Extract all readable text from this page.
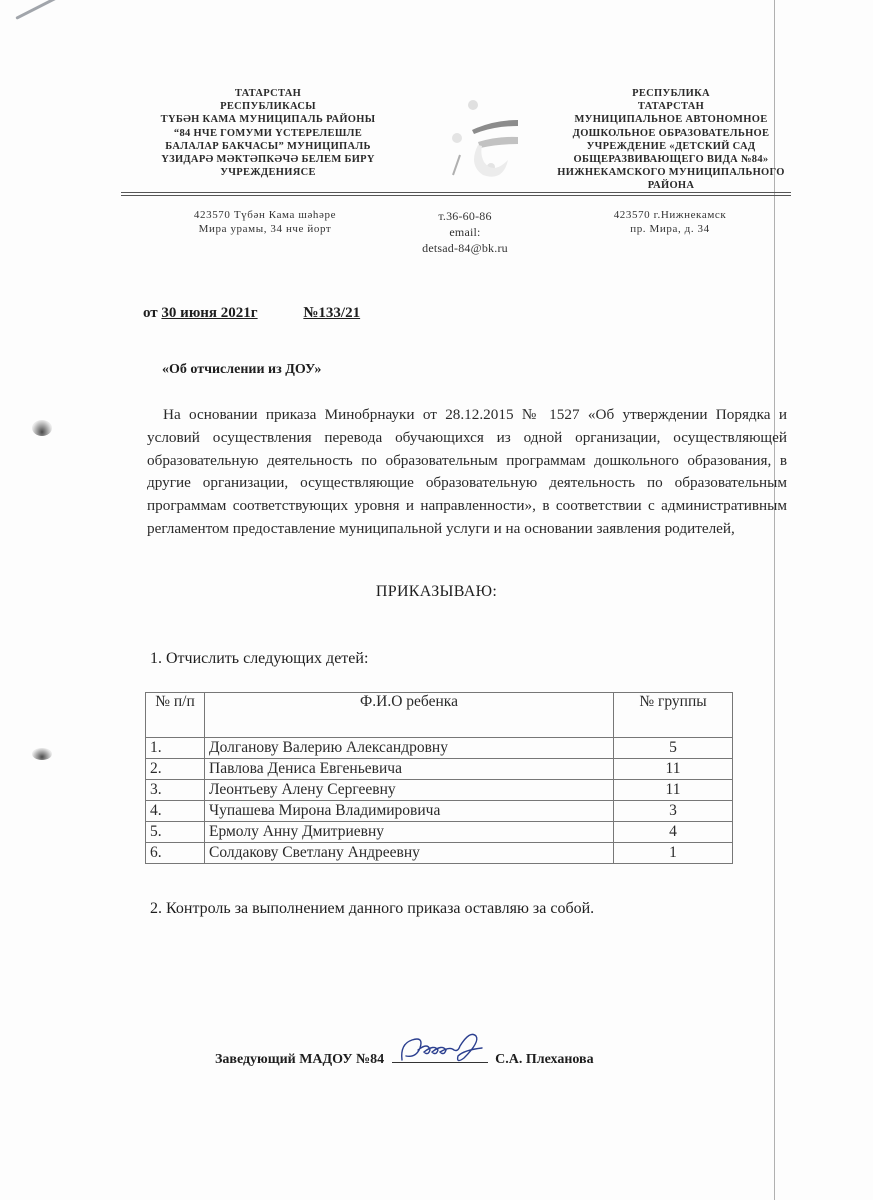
ТАТАРСТАН
РЕСПУБЛИКАСЫ
ТҮБӘН КАМА МУНИЦИПАЛЬ РАЙОНЫ
“84 НЧЕ ГОМУМИ ҮСТЕРЕЛЕШЛЕ
БАЛАЛАР БАКЧАСЫ” МУНИЦИПАЛЬ
ҮЗИДАРӘ МӘКТӘПКӘЧӘ БЕЛЕМ БИРҮ
УЧРЕЖДЕНИЯСЕ
РЕСПУБЛИКА
ТАТАРСТАН
МУНИЦИПАЛЬНОЕ АВТОНОМНОЕ
ДОШКОЛЬНОЕ ОБРАЗОВАТЕЛЬНОЕ
УЧРЕЖДЕНИЕ «ДЕТСКИЙ САД
ОБЩЕРАЗВИВАЮЩЕГО ВИДА №84»
НИЖНЕКАМСКОГО МУНИЦИПАЛЬНОГО
РАЙОНА
423570 Түбән Кама шәһәре
Мира урамы, 34 нче йорт
т.36-60-86
email:
detsad-84@bk.ru
423570 г.Нижнекамск
пр. Мира, д. 34
от 30 июня 2021г	№133/21
«Об отчислении из ДОУ»
На основании приказа Минобрнауки от 28.12.2015 № 1527 «Об утверждении Порядка и условий осуществления перевода обучающихся из одной организации, осуществляющей образовательную деятельность по образовательным программам дошкольного образования, в другие организации, осуществляющие образовательную деятельность по образовательным программам соответствующих уровня и направленности», в соответствии с административным регламентом предоставление муниципальной услуги и на основании заявления родителей,
ПРИКАЗЫВАЮ:
1. Отчислить следующих детей:
№ п/п	Ф.И.О ребенка	№ группы
1.	Долганову Валерию Александровну	5
2.	Павлова Дениса Евгеньевича	11
3.	Леонтьеву Алену Сергеевну	11
4.	Чупашева Мирона Владимировича	3
5.	Ермолу Анну Дмитриевну	4
6.	Солдакову Светлану Андреевну	1
2. Контроль за выполнением данного приказа оставляю за собой.
Заведующий МАДОУ №84	С.А. Плеханова
